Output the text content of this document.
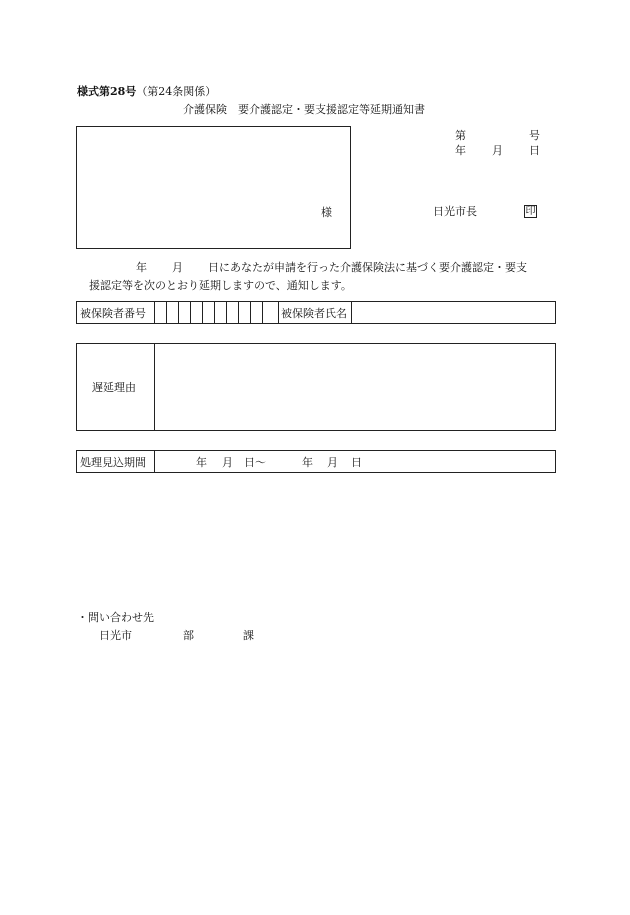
様式第28号（第24条関係）
介護保険　要介護認定・要支援認定等延期通知書
様
第	号
年 月 日
日光市長	印
年 月 日にあなたが申請を行った介護保険法に基づく要介護認定・要支
援認定等を次のとおり延期しますので、通知します。
被保険者番号	被保険者氏名
遅延理由
処理見込期間	年 月 日 ～	年 月 日
・問い合わせ先
日光市	部	課
